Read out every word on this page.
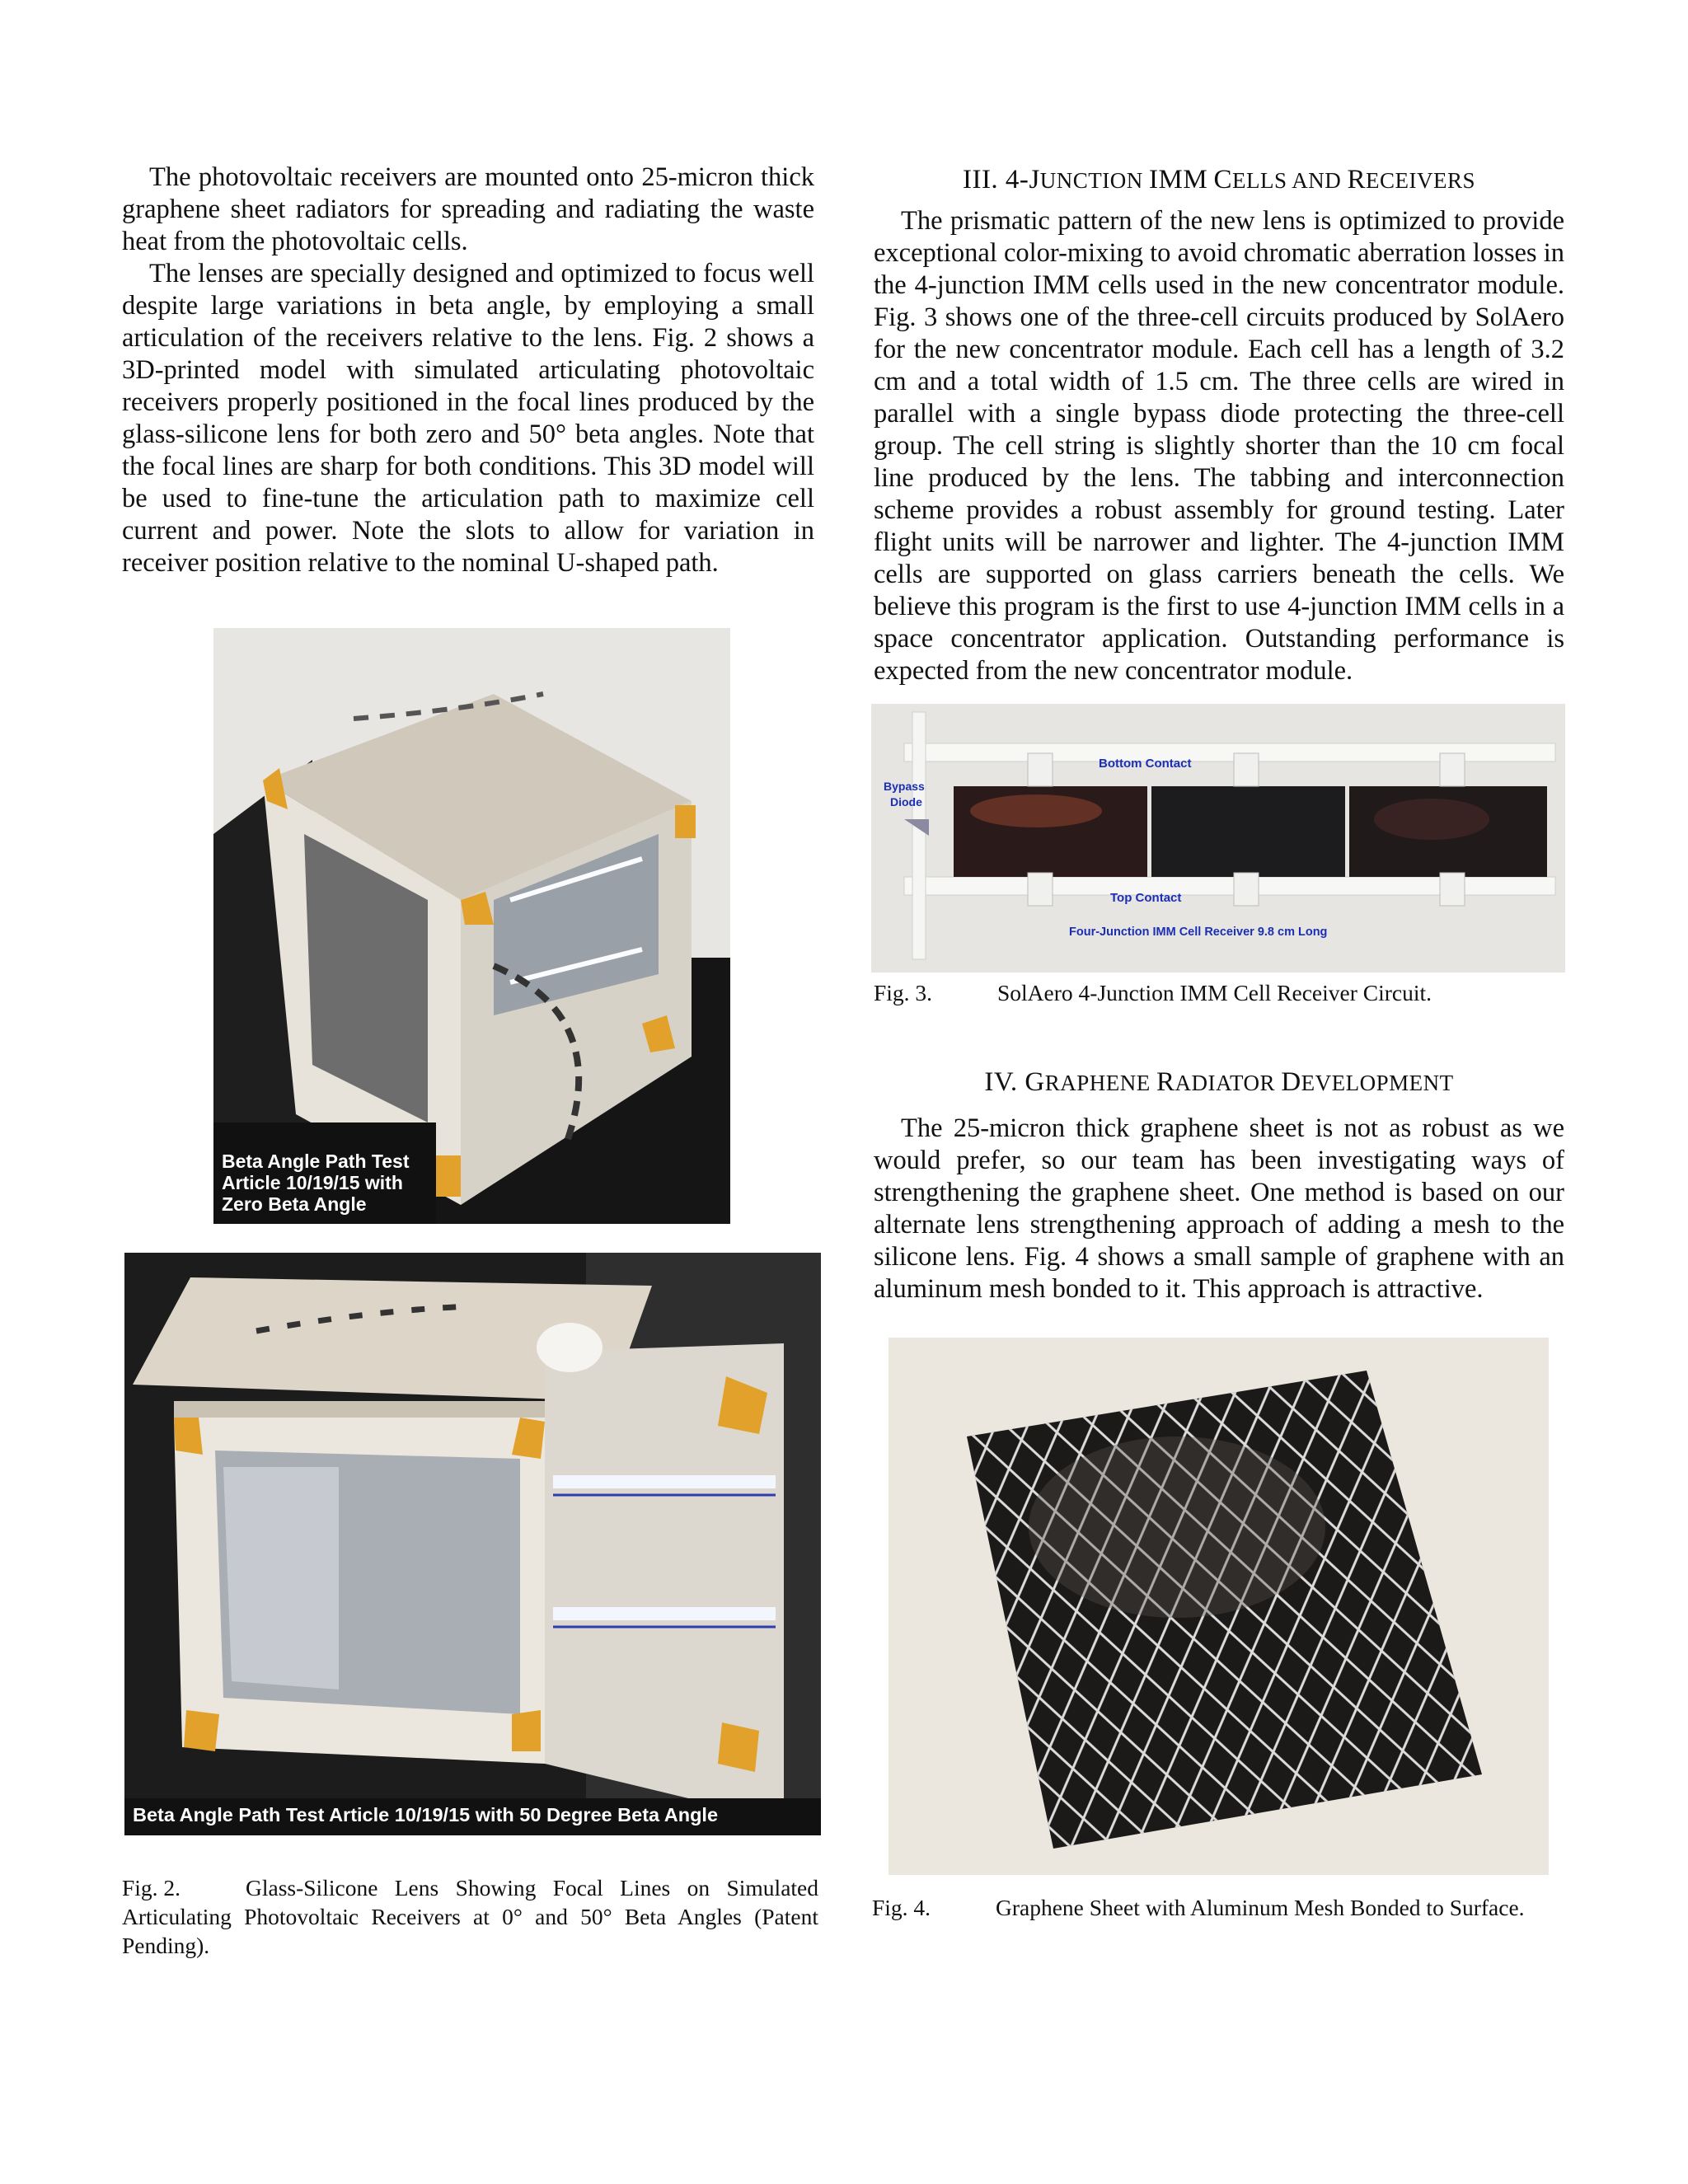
The photovoltaic receivers are mounted onto 25-micron thick graphene sheet radiators for spreading and radiating the waste heat from the photovoltaic cells.

The lenses are specially designed and optimized to focus well despite large variations in beta angle, by employing a small articulation of the receivers relative to the lens. Fig. 2 shows a 3D-printed model with simulated articulating photovoltaic receivers properly positioned in the focal lines produced by the glass-silicone lens for both zero and 50° beta angles. Note that the focal lines are sharp for both conditions. This 3D model will be used to fine-tune the articulation path to maximize cell current and power. Note the slots to allow for variation in receiver position relative to the nominal U-shaped path.

Beta Angle Path Test
Article 10/19/15 with
Zero Beta Angle
Beta Angle Path Test Article 10/19/15 with 50 Degree Beta Angle

Fig. 2.	Glass-Silicone Lens Showing Focal Lines on Simulated Articulating Photovoltaic Receivers at 0° and 50° Beta Angles (Patent Pending).

III. 4-JUNCTION IMM CELLS AND RECEIVERS

The prismatic pattern of the new lens is optimized to provide exceptional color-mixing to avoid chromatic aberration losses in the 4-junction IMM cells used in the new concentrator module. Fig. 3 shows one of the three-cell circuits produced by SolAero for the new concentrator module. Each cell has a length of 3.2 cm and a total width of 1.5 cm. The three cells are wired in parallel with a single bypass diode protecting the three-cell group. The cell string is slightly shorter than the 10 cm focal line produced by the lens. The tabbing and interconnection scheme provides a robust assembly for ground testing. Later flight units will be narrower and lighter. The 4-junction IMM cells are supported on glass carriers beneath the cells. We believe this program is the first to use 4-junction IMM cells in a space concentrator application. Outstanding performance is expected from the new concentrator module.

Bottom Contact
Bypass
Diode
Top Contact
Four-Junction IMM Cell Receiver 9.8 cm Long

Fig. 3.	SolAero 4-Junction IMM Cell Receiver Circuit.

IV. GRAPHENE RADIATOR DEVELOPMENT

The 25-micron thick graphene sheet is not as robust as we would prefer, so our team has been investigating ways of strengthening the graphene sheet. One method is based on our alternate lens strengthening approach of adding a mesh to the silicone lens. Fig. 4 shows a small sample of graphene with an aluminum mesh bonded to it. This approach is attractive.

Fig. 4.	Graphene Sheet with Aluminum Mesh Bonded to Surface.
